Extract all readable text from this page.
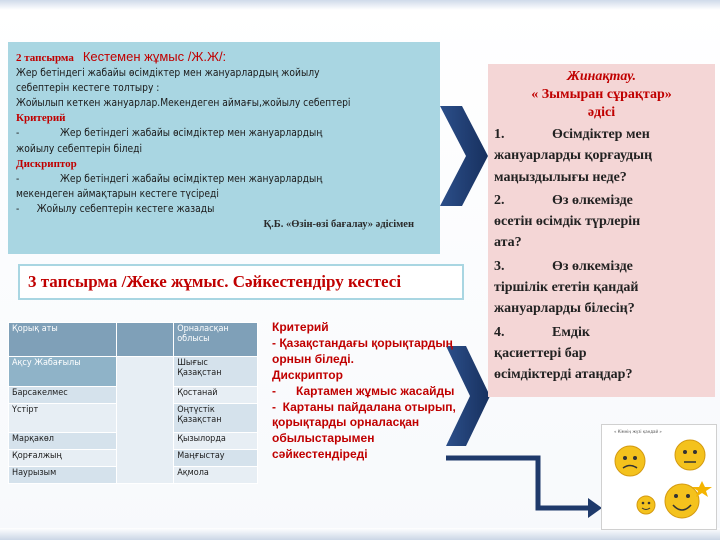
2 тапсырма Кестемен жұмыс /Ж.Ж/:
Жер бетіндегі жабайы өсімдіктер мен жануарлардың жойылу
себептерін кестеге толтыру :
Жойылып кеткен жануарлар.Мекендеген аймағы,жойылу себептері
Критерий
-              Жер бетіндегі жабайы өсімдіктер мен жануарлардың
жойылу себептерін біледі
Дискриптор
-              Жер бетіндегі жабайы өсімдіктер мен жануарлардың
мекендеген аймақтарын кестеге түсіреді
-      Жойылу себептерін кестеге жазады
Қ.Б. «Өзін-өзі бағалау» әдісімен
Жинақтау.
« Зымыран сұрақтар»
әдісі
1.	Өсімдіктер мен
жануарларды қорғаудың
маңыздылығы неде?
2.	Өз өлкемізде
өсетін өсімдік түрлерін
ата?
3.	Өз өлкемізде
тіршілік ететін қандай
жануарларды білесің?
4.	Емдік
қасиеттері бар
өсімдіктерді атаңдар?
3 тапсырма /Жеке жұмыс. Сәйкестендіру кестесі
Қорық аты		Орналасқан облысы
Ақсу Жабағылы		Шығыс Қазақстан
Барсакелмес		Қостанай
Үстірт		Оңтүстік Қазақстан
Марқакөл		Қызылорда
Қорғалжың		Маңғыстау
Наурызым		Ақмола
Критерий
- Қазақстандағы қорықтардың
орнын біледі.
Дискриптор
-      Картамен жұмыс жасайды
-  Картаны пайдалана отырып,
қорықтарды орналасқан
обылыстарымен
сәйкестендіреді
« Кімнің жүзі қандай »
